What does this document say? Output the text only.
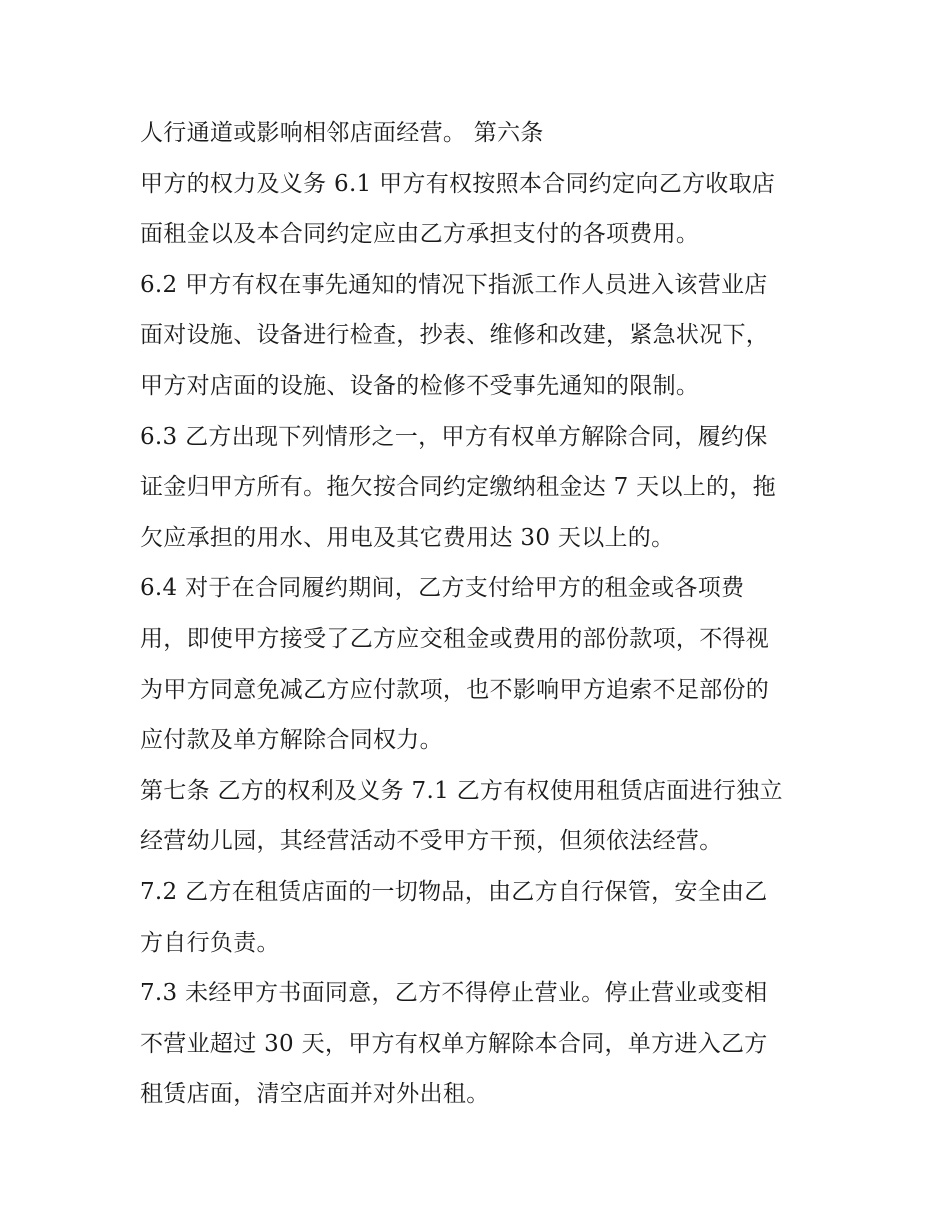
人行通道或影响相邻店面经营。 第六条
甲方的权力及义务 6.1 甲方有权按照本合同约定向乙方收取店
面租金以及本合同约定应由乙方承担支付的各项费用。
6.2 甲方有权在事先通知的情况下指派工作人员进入该营业店
面对设施、设备进行检查，抄表、维修和改建，紧急状况下，
甲方对店面的设施、设备的检修不受事先通知的限制。
6.3 乙方出现下列情形之一，甲方有权单方解除合同，履约保
证金归甲方所有。拖欠按合同约定缴纳租金达 7 天以上的，拖
欠应承担的用水、用电及其它费用达 30 天以上的。
6.4 对于在合同履约期间，乙方支付给甲方的租金或各项费
用，即使甲方接受了乙方应交租金或费用的部份款项，不得视
为甲方同意免减乙方应付款项，也不影响甲方追索不足部份的
应付款及单方解除合同权力。
第七条 乙方的权利及义务 7.1 乙方有权使用租赁店面进行独立
经营幼儿园，其经营活动不受甲方干预，但须依法经营。
7.2 乙方在租赁店面的一切物品，由乙方自行保管，安全由乙
方自行负责。
7.3 未经甲方书面同意，乙方不得停止营业。停止营业或变相
不营业超过 30 天，甲方有权单方解除本合同，单方进入乙方
租赁店面，清空店面并对外出租。
